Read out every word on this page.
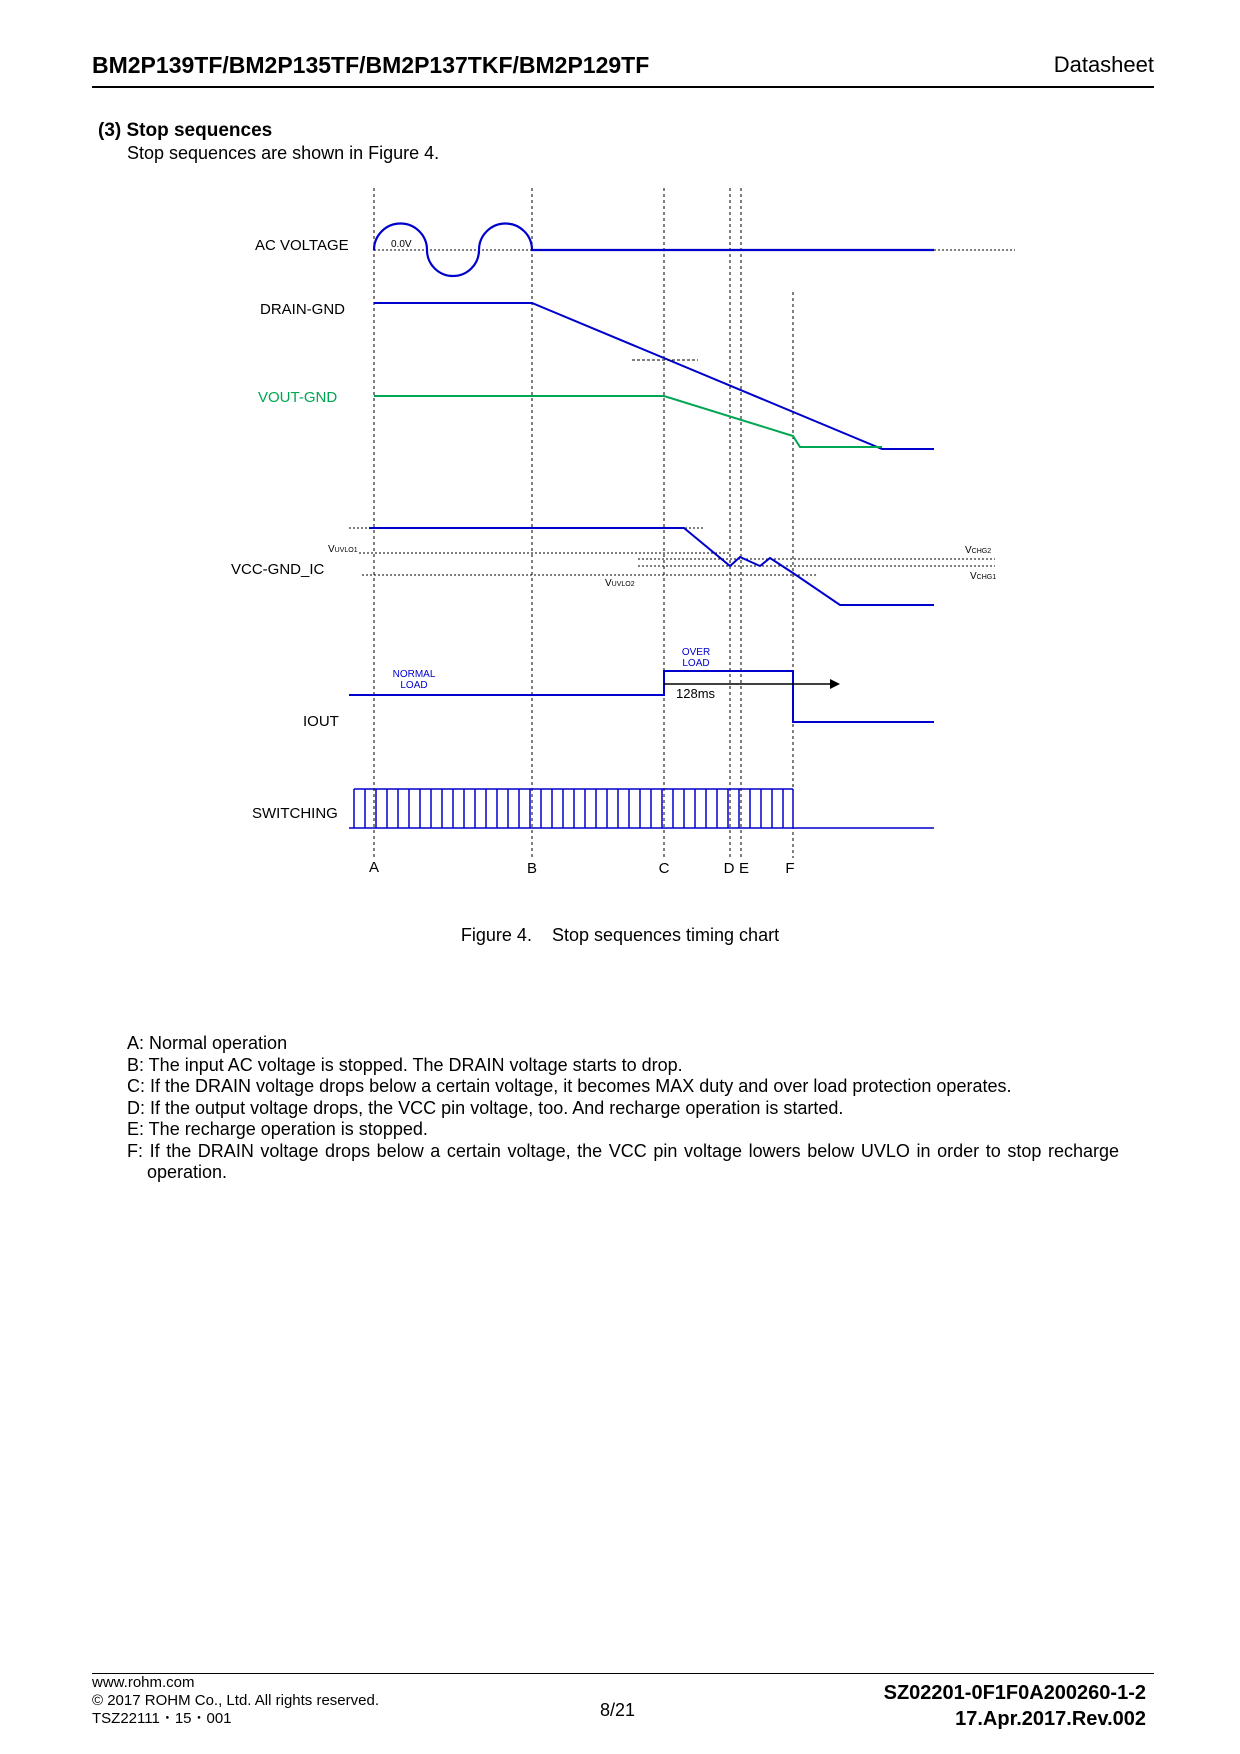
BM2P139TF/BM2P135TF/BM2P137TKF/BM2P129TF	Datasheet
(3) Stop sequences
Stop sequences are shown in Figure 4.
AC VOLTAGE
DRAIN-GND
VOUT-GND
VCC-GND_IC
IOUT
SWITCHING
0.0V
VUVLO1
VUVLO2
VCHG2
VCHG1
128ms
NORMAL
LOAD
OVER
LOAD
A	B	C	D E F
Figure 4.    Stop sequences timing chart
A: Normal operation
B: The input AC voltage is stopped. The DRAIN voltage starts to drop.
C: If the DRAIN voltage drops below a certain voltage, it becomes MAX duty and over load protection operates.
D: If the output voltage drops, the VCC pin voltage, too. And recharge operation is started.
E: The recharge operation is stopped.
F: If the DRAIN voltage drops below a certain voltage, the VCC pin voltage lowers below UVLO in order to stop recharge operation.
www.rohm.com
© 2017 ROHM Co., Ltd. All rights reserved.
TSZ22111・15・001	8/21
SZ02201-0F1F0A200260-1-2
17.Apr.2017.Rev.002
